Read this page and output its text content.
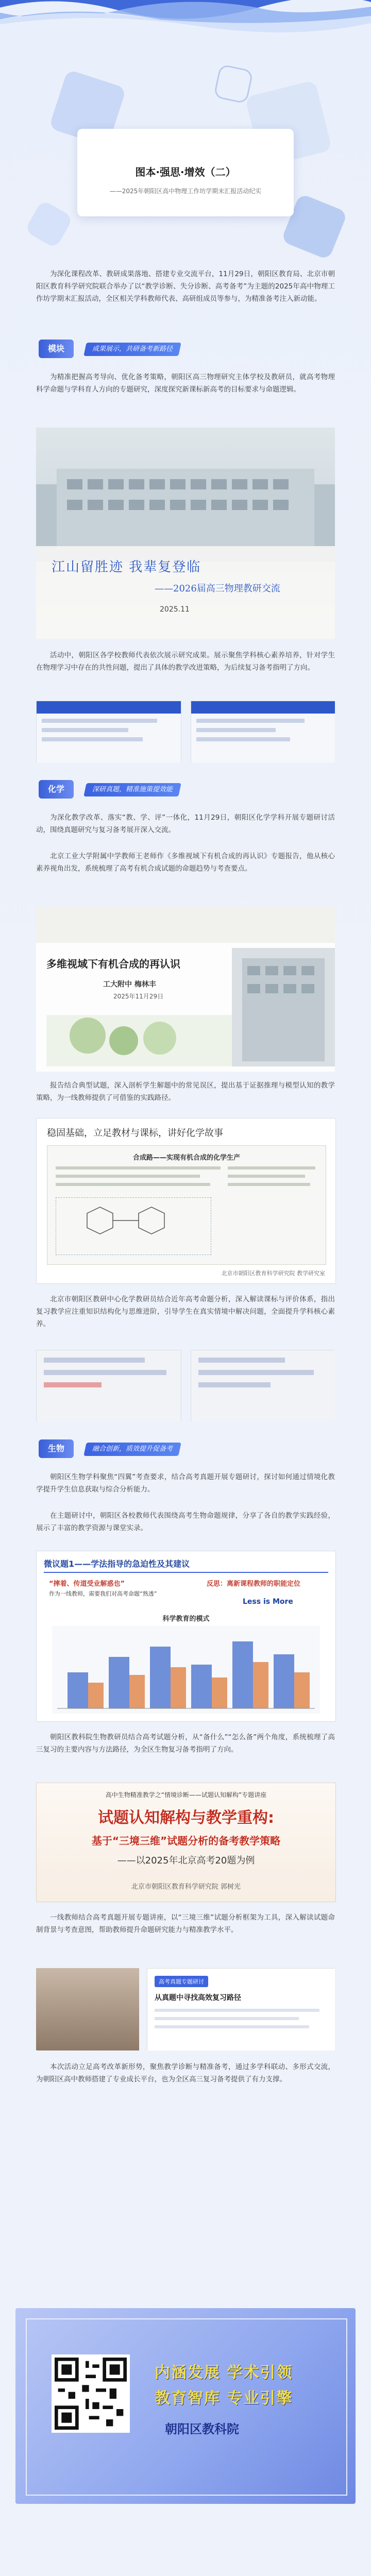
图本·强思·增效（二）
——2025年朝阳区高中物理工作坊学期末汇报活动纪实
为深化课程改革、教研成果落地、搭建专业交流平台，11月29日，朝阳区教育局、北京市朝阳区教育科学研究院联合举办了以“教学诊断、失分诊断、高考备考”为主题的2025年高中物理工作坊学期末汇报活动，全区相关学科教师代表、高研组成员等参与，为精准备考注入新动能。
模块	成果展示，共研备考新路径
为精准把握高考导向、优化备考策略，朝阳区高三物理研究主体学校及教研员，就高考物理科学命题与学科育人方向的专题研究，深度探究新课标新高考的目标要求与命题逻辑。
江山留胜迹 我辈复登临
——2026届高三物理教研交流
2025.11
活动中，朝阳区各学校教师代表依次展示研究成果。展示聚焦学科核心素养培养，针对学生在物理学习中存在的共性问题，提出了具体的教学改进策略，为后续复习备考指明了方向。
化学	深研真题，精准施策提效能
为深化教学改革、落实“教、学、评”一体化，11月29日，朝阳区化学学科开展专题研讨活动，围绕真题研究与复习备考展开深入交流。
北京工业大学附属中学教师王老师作《多维视域下有机合成的再认识》专题报告，他从核心素养视角出发，系统梳理了高考有机合成试题的命题趋势与考查要点。
多维视域下有机合成的再认识
工大附中 梅林丰
2025年11月29日
报告结合典型试题，深入剖析学生解题中的常见误区，提出基于证据推理与模型认知的教学策略，为一线教师提供了可借鉴的实践路径。
稳固基础，立足教材与课标，讲好化学故事
合成路——实现有机合成的化学生产
北京市朝阳区教育科学研究院 教学研究室
北京市朝阳区教研中心化学教研员结合近年高考命题分析，深入解读课标与评价体系，指出复习教学应注重知识结构化与思维进阶，引导学生在真实情境中解决问题，全面提升学科核心素养。
生物	融合创新，质效提升促备考
朝阳区生物学科聚焦“四翼”考查要求，结合高考真题开展专题研讨，探讨如何通过情境化教学提升学生信息获取与综合分析能力。
在主题研讨中，朝阳区各校教师代表围绕高考生物命题规律，分享了各自的教学实践经验，展示了丰富的教学资源与课堂实录。
微议题1——学法指导的急迫性及其建议
“摔着、传道受业解惑也”
作为一线教师，需要我们对高考命题“熟透”
反思：离新课程教师的职能定位
Less is More
科学教育的模式
朝阳区教科院生物教研员结合高考试题分析，从“备什么”“怎么备”两个角度，系统梳理了高三复习的主要内容与方法路径，为全区生物复习备考指明了方向。
高中生物精准教学之“情境诊断——试题认知解构”专题讲座
试题认知解构与教学重构:
基于“三境三维”试题分析的备考教学策略
——以2025年北京高考20题为例
北京市朝阳区教育科学研究院 郭树光
一线教师结合高考真题开展专题讲座，以“三境三维”试题分析框架为工具，深入解读试题命制背景与考查意图，帮助教师提升命题研究能力与精准教学水平。
高考真题专题研讨
从真题中寻找高效复习路径
本次活动立足高考改革新形势，聚焦教学诊断与精准备考，通过多学科联动、多形式交流，为朝阳区高中教师搭建了专业成长平台，也为全区高三复习备考提供了有力支撑。
内涵发展 学术引领
教育智库 专业引擎
朝阳区教科院
